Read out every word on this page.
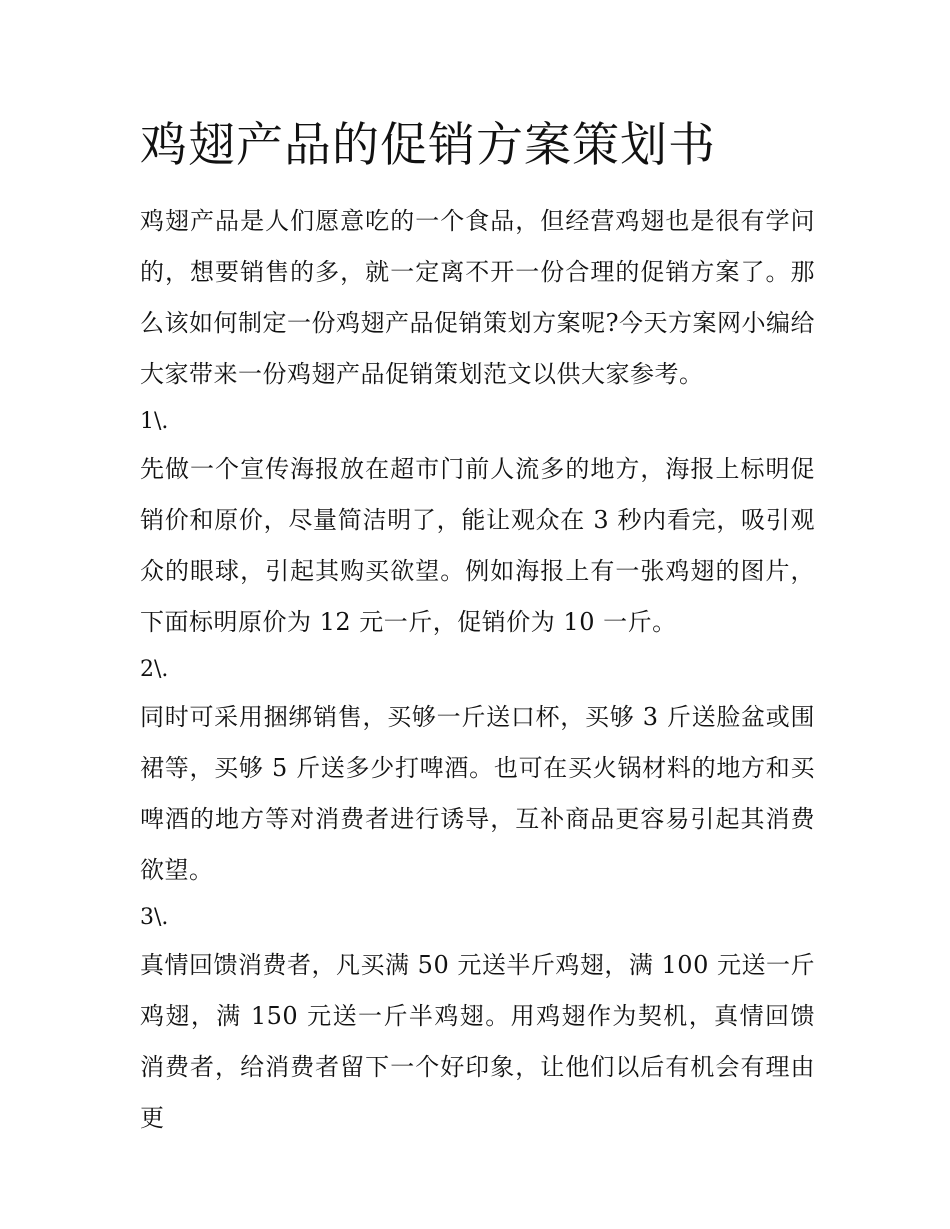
鸡翅产品的促销方案策划书

鸡翅产品是人们愿意吃的一个食品，但经营鸡翅也是很有学问的，想要销售的多，就一定离不开一份合理的促销方案了。那么该如何制定一份鸡翅产品促销策划方案呢?今天方案网小编给大家带来一份鸡翅产品促销策划范文以供大家参考。

1\.

先做一个宣传海报放在超市门前人流多的地方，海报上标明促销价和原价，尽量简洁明了，能让观众在 3 秒内看完，吸引观众的眼球，引起其购买欲望。例如海报上有一张鸡翅的图片，下面标明原价为 12 元一斤，促销价为 10 一斤。

2\.

同时可采用捆绑销售，买够一斤送口杯，买够 3 斤送脸盆或围裙等，买够 5 斤送多少打啤酒。也可在买火锅材料的地方和买啤酒的地方等对消费者进行诱导，互补商品更容易引起其消费欲望。

3\.

真情回馈消费者，凡买满 50 元送半斤鸡翅，满 100 元送一斤鸡翅，满 150 元送一斤半鸡翅。用鸡翅作为契机，真情回馈消费者，给消费者留下一个好印象，让他们以后有机会有理由更
